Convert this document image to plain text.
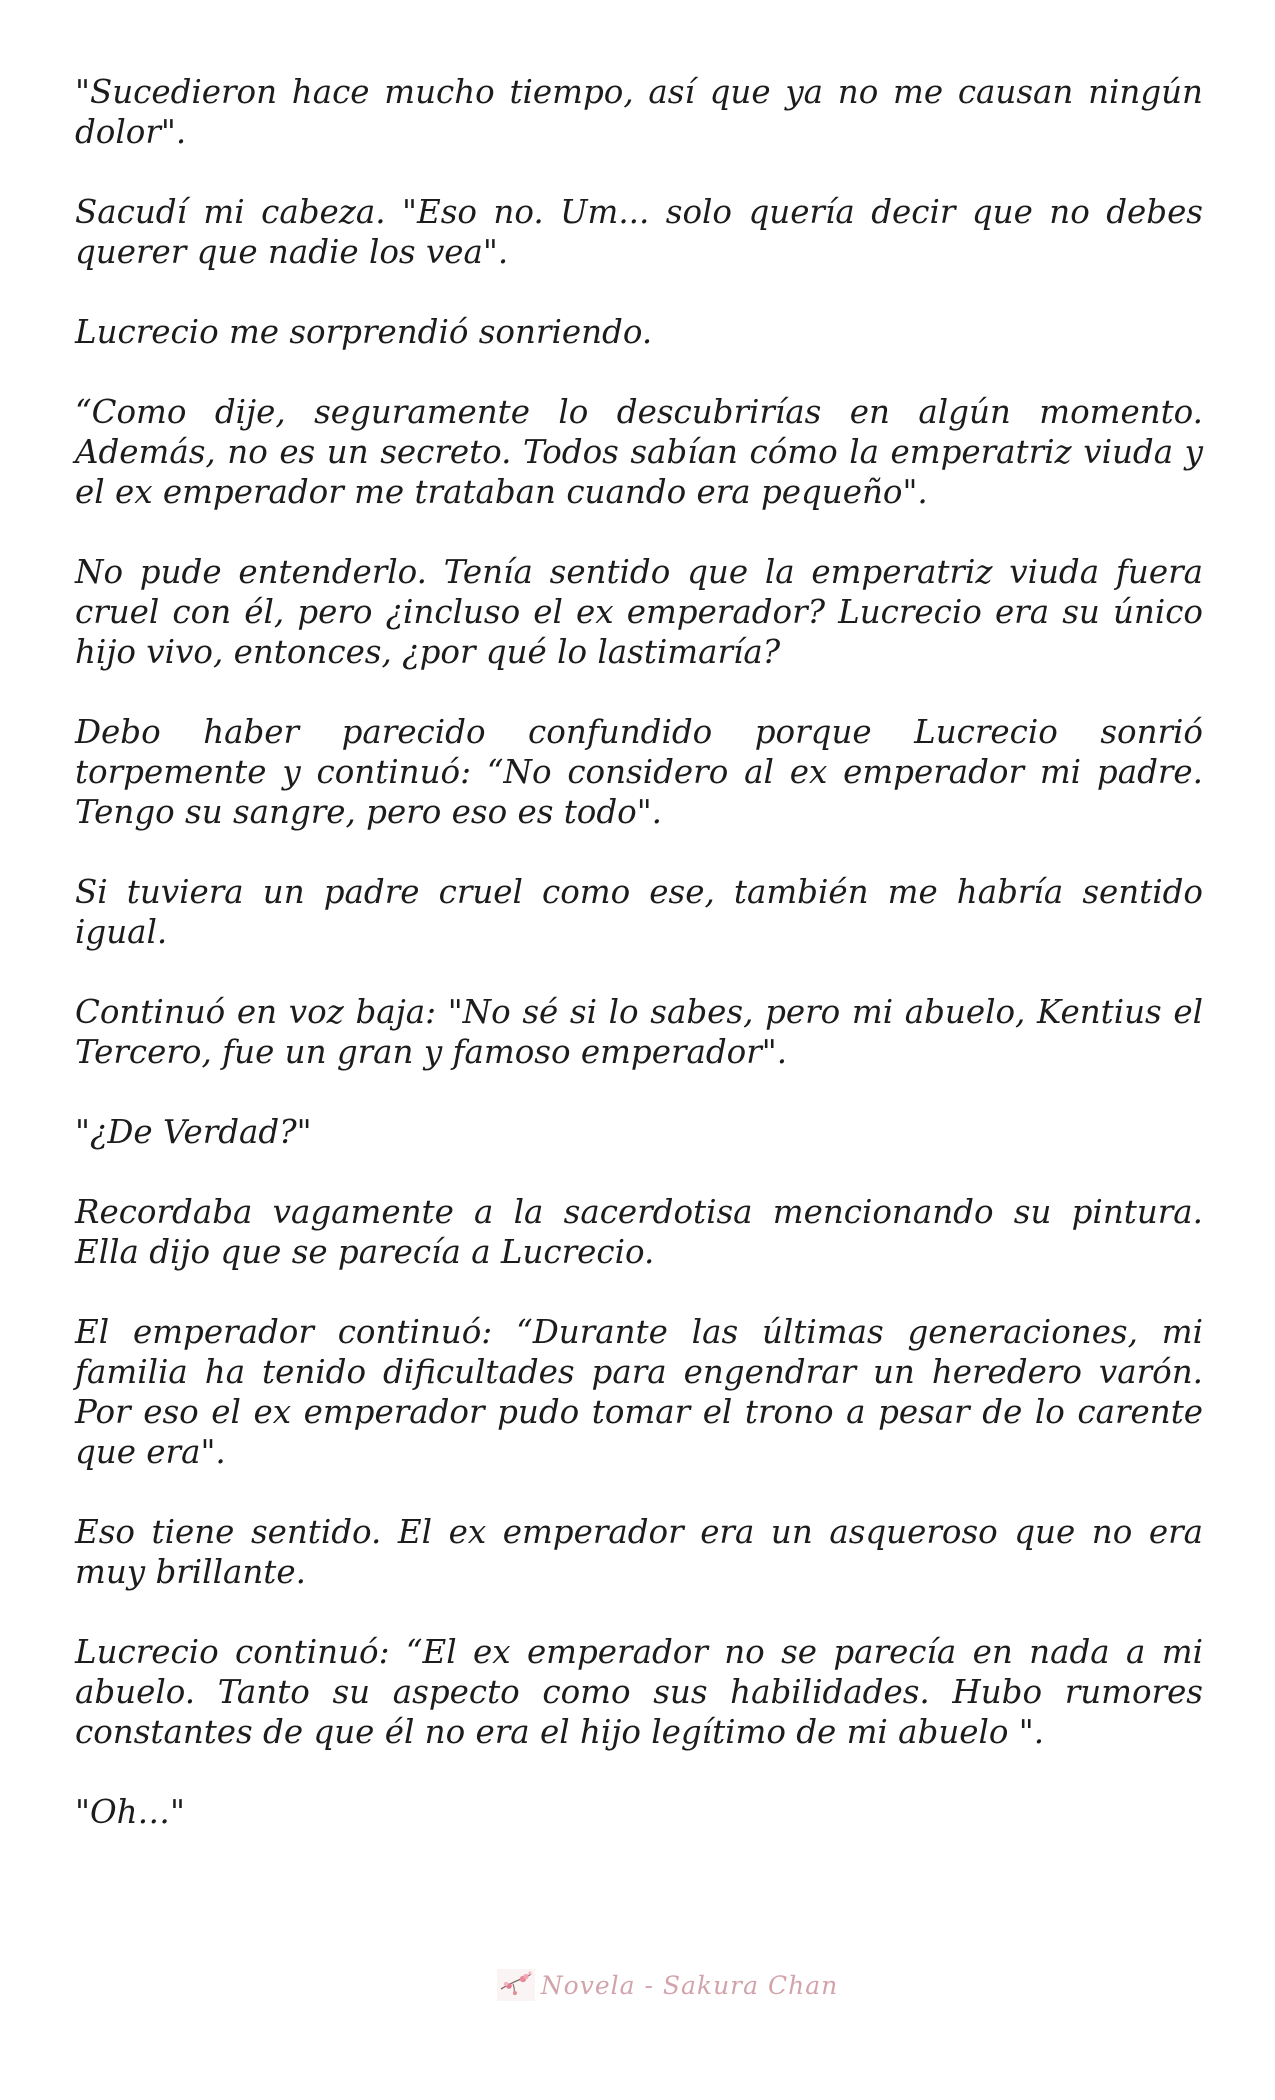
"Sucedieron hace mucho tiempo, así que ya no me causan ningún dolor".

Sacudí mi cabeza. "Eso no. Um... solo quería decir que no debes querer que nadie los vea".

Lucrecio me sorprendió sonriendo.

“Como dije, seguramente lo descubrirías en algún momento. Además, no es un secreto. Todos sabían cómo la emperatriz viuda y el ex emperador me trataban cuando era pequeño".

No pude entenderlo. Tenía sentido que la emperatriz viuda fuera cruel con él, pero ¿incluso el ex emperador? Lucrecio era su único hijo vivo, entonces, ¿por qué lo lastimaría?

Debo haber parecido confundido porque Lucrecio sonrió torpemente y continuó: “No considero al ex emperador mi padre. Tengo su sangre, pero eso es todo".

Si tuviera un padre cruel como ese, también me habría sentido igual.

Continuó en voz baja: "No sé si lo sabes, pero mi abuelo, Kentius el Tercero, fue un gran y famoso emperador".

"¿De Verdad?"

Recordaba vagamente a la sacerdotisa mencionando su pintura. Ella dijo que se parecía a Lucrecio.

El emperador continuó: “Durante las últimas generaciones, mi familia ha tenido dificultades para engendrar un heredero varón. Por eso el ex emperador pudo tomar el trono a pesar de lo carente que era".

Eso tiene sentido. El ex emperador era un asqueroso que no era muy brillante.

Lucrecio continuó: “El ex emperador no se parecía en nada a mi abuelo. Tanto su aspecto como sus habilidades. Hubo rumores constantes de que él no era el hijo legítimo de mi abuelo ".

"Oh…"

Novela - Sakura Chan
